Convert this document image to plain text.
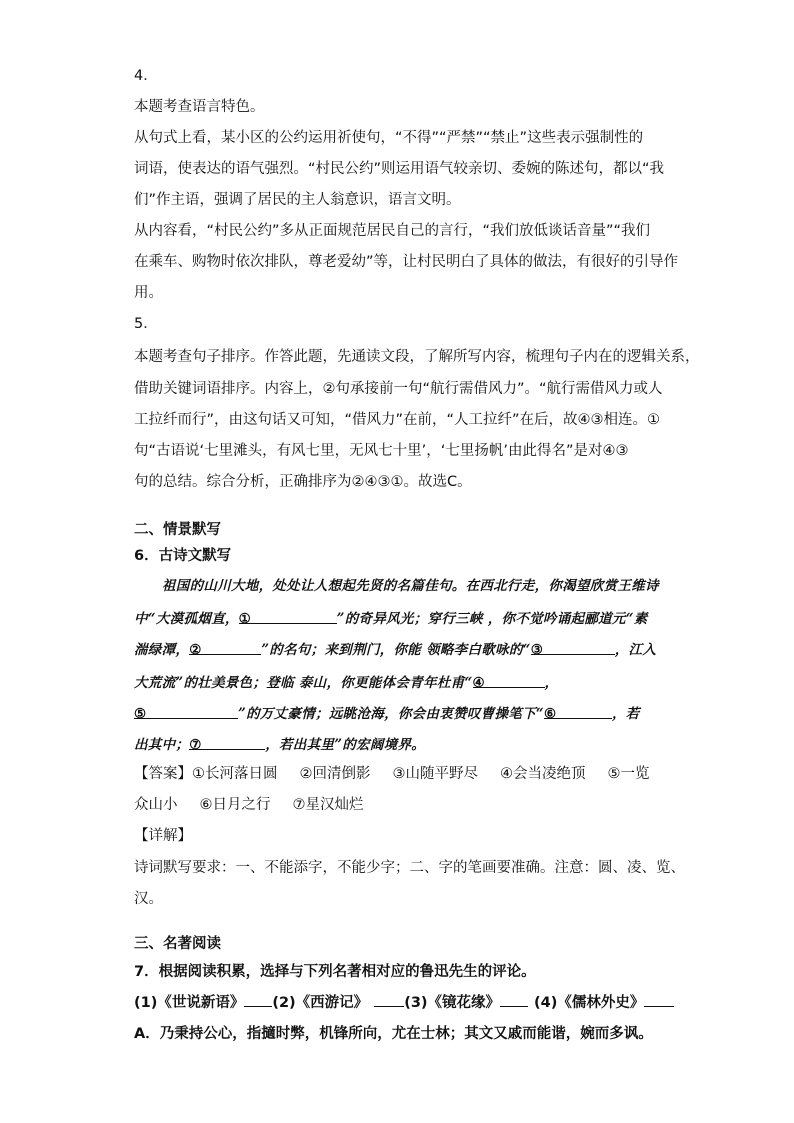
4．
本题考查语言特色。
从句式上看，某小区的公约运用祈使句，“不得”“严禁”“禁止”这些表示强制性的
词语，使表达的语气强烈。“村民公约”则运用语气较亲切、委婉的陈述句，都以“我
们”作主语，强调了居民的主人翁意识，语言文明。
从内容看，“村民公约”多从正面规范居民自己的言行，“我们放低谈话音量”“我们
在乘车、购物时依次排队，尊老爱幼”等，让村民明白了具体的做法，有很好的引导作
用。
5．
本题考查句子排序。作答此题，先通读文段，了解所写内容，梳理句子内在的逻辑关系，
借助关键词语排序。内容上，②句承接前一句“航行需借风力”。“航行需借风力或人
工拉纤而行”，由这句话又可知，“借风力”在前，“人工拉纤”在后，故④③相连。①
句“古语说‘七里滩头，有风七里，无风七十里’，‘七里扬帆’由此得名”是对④③
句的总结。综合分析，正确排序为②④③①。故选C。
二、情景默写
6．古诗文默写
祖国的山川大地，处处让人想起先贤的名篇佳句。在西北行走，你渴望欣赏王维诗
中“大漠孤烟直，①	”的奇异风光；穿行三峡 ，你不觉吟诵起郦道元“素
湍绿潭，②	”的名句；来到荆门，你能 领略李白歌咏的“③	，江入
大荒流”的壮美景色；登临 泰山，你更能体会青年杜甫“④	，
⑤	”的万丈豪情；远眺沧海，你会由衷赞叹曹操笔下“⑥	，若
出其中；⑦	，若出其里”的宏阔境界。
【答案】①长河落日圆 ②回清倒影 ③山随平野尽 ④会当凌绝顶 ⑤一览
众山小 ⑥日月之行 ⑦星汉灿烂
【详解】
诗词默写要求：一、不能添字，不能少字；二、字的笔画要准确。注意：圆、凌、览、
汉。
三、名著阅读
7．根据阅读积累，选择与下列名著相对应的鲁迅先生的评论。
(1)《世说新语》 (2)《西游记》 (3)《镜花缘》 (4)《儒林外史》
A．乃秉持公心，指擿时弊，机锋所向，尤在士林；其文又戚而能谐，婉而多讽。
